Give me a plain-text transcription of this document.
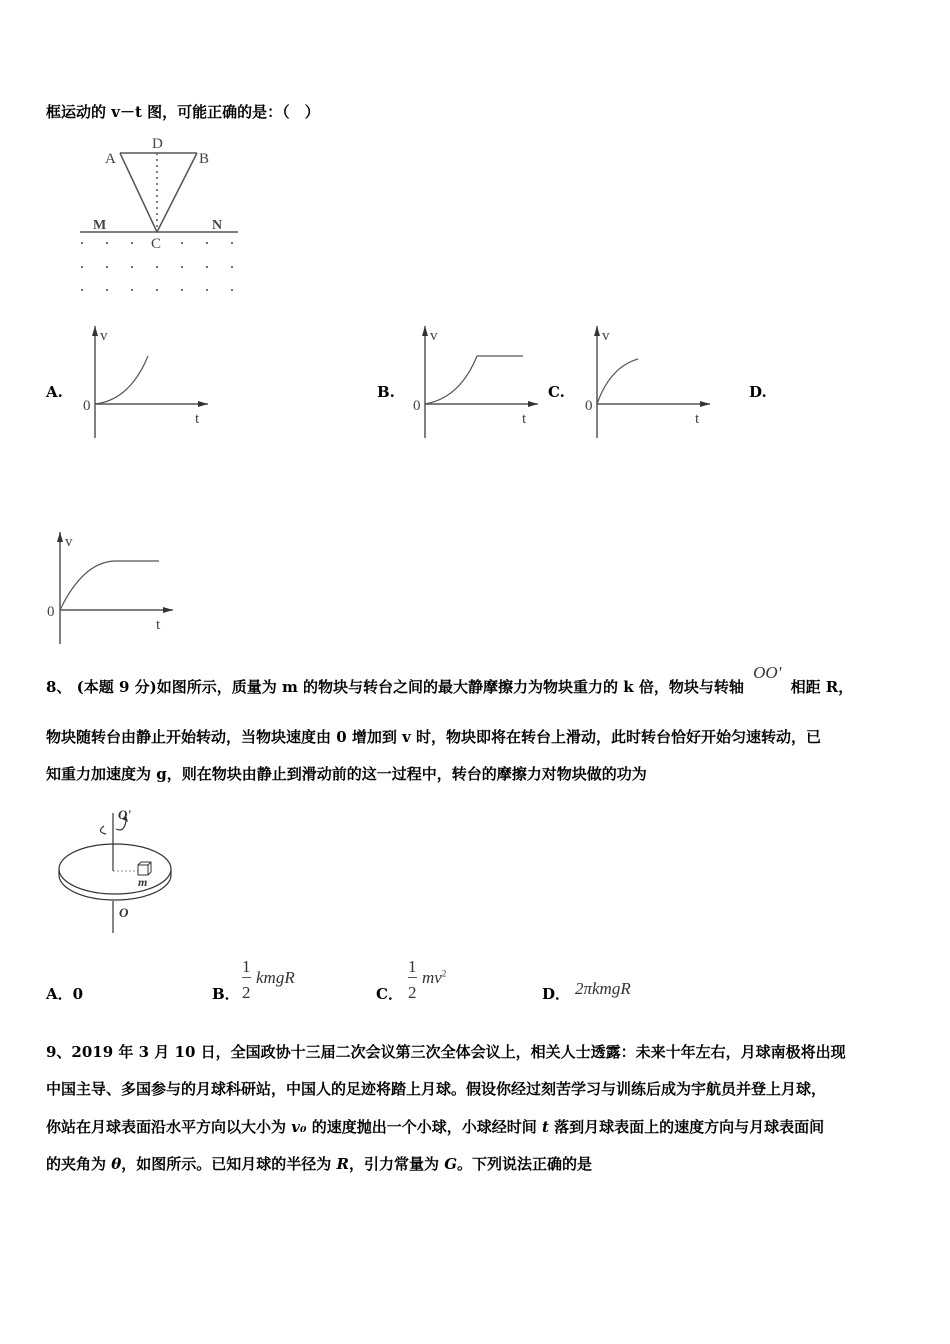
框运动的 v－t 图，可能正确的是：（　）
D
A	B
M	N
C
A.	B.	C.	D.
v
0
t
v
0
t
v
0
t
v
0
t
8、 (本题 9 分)如图所示，质量为 m 的物块与转台之间的最大静摩擦力为物块重力的 k 倍，物块与转轴 OO' 相距 R，
物块随转台由静止开始转动，当物块速度由 0 增加到 v 时，物块即将在转台上滑动，此时转台恰好开始匀速转动，已
知重力加速度为 g，则在物块由静止到滑动前的这一过程中，转台的摩擦力对物块做的功为
O'
m
O
A．0	B．
1
2
kmgR
C．
1
2
$mv^2$
D． 2πkmgR
9、2019 年 3 月 10 日，全国政协十三届二次会议第三次全体会议上，相关人士透露：未来十年左右，月球南极将出现
中国主导、多国参与的月球科研站，中国人的足迹将踏上月球。假设你经过刻苦学习与训练后成为宇航员并登上月球，
你站在月球表面沿水平方向以大小为 v₀ 的速度抛出一个小球，小球经时间 t 落到月球表面上的速度方向与月球表面间
的夹角为 θ，如图所示。已知月球的半径为 R，引力常量为 G。下列说法正确的是
